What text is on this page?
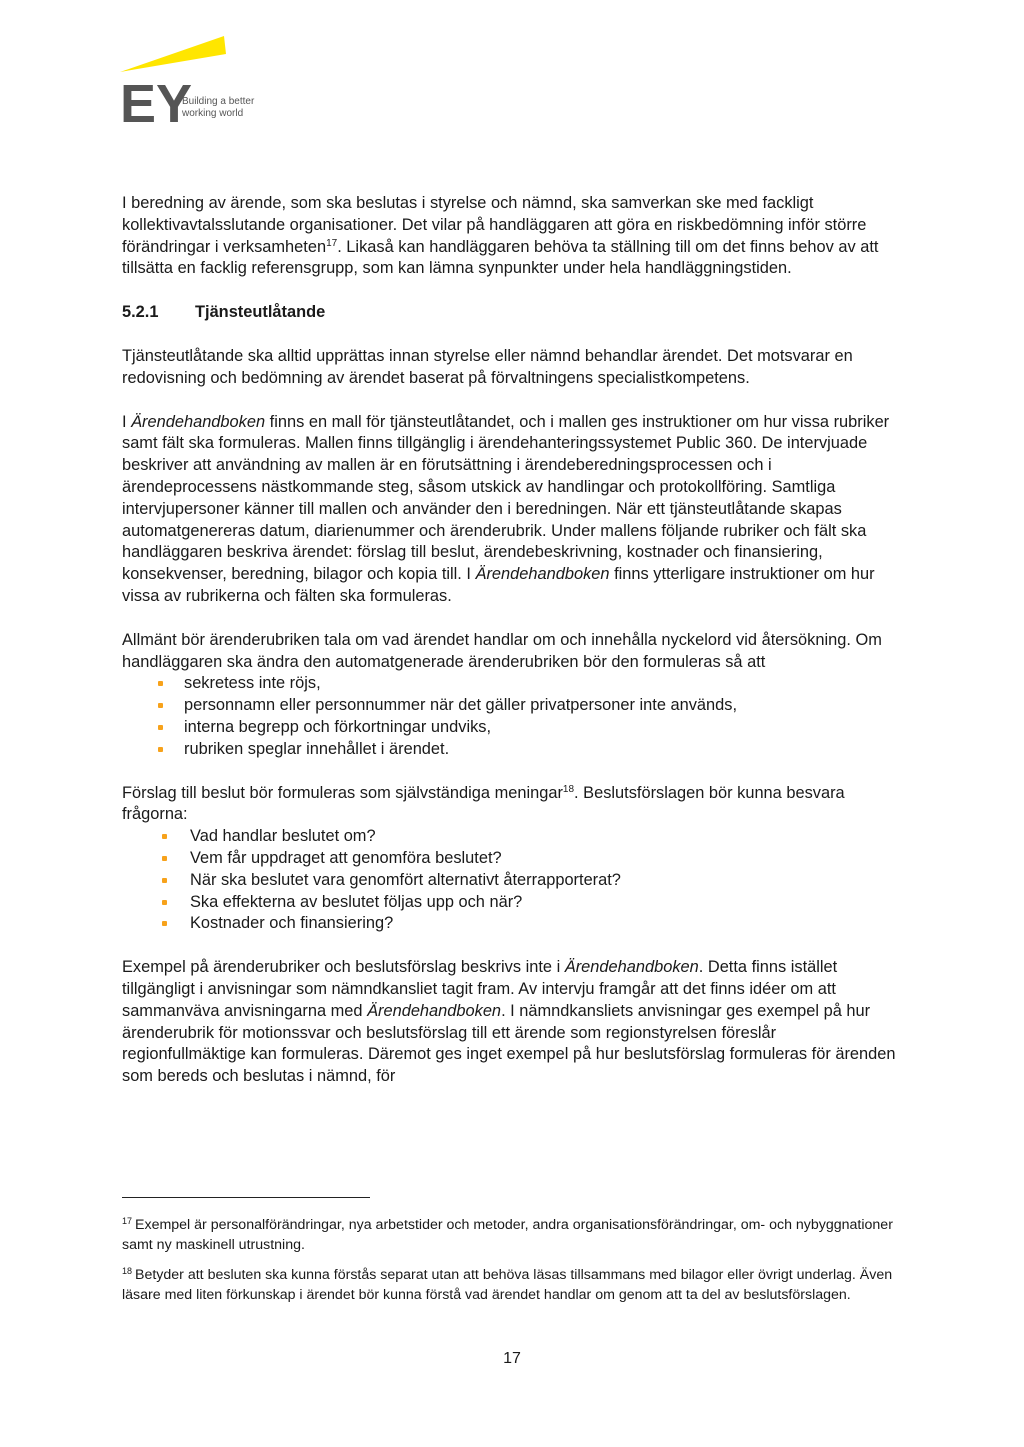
EY
Building a better
working world

I beredning av ärende, som ska beslutas i styrelse och nämnd, ska samverkan ske med fackligt kollektivavtalsslutande organisationer. Det vilar på handläggaren att göra en riskbedömning inför större förändringar i verksamheten$^{17}$. Likaså kan handläggaren behöva ta ställning till om det finns behov av att tillsätta en facklig referensgrupp, som kan lämna synpunkter under hela handläggningstiden.

5.2.1 Tjänsteutlåtande

Tjänsteutlåtande ska alltid upprättas innan styrelse eller nämnd behandlar ärendet. Det motsvarar en redovisning och bedömning av ärendet baserat på förvaltningens specialistkompetens.

I Ärendehandboken finns en mall för tjänsteutlåtandet, och i mallen ges instruktioner om hur vissa rubriker samt fält ska formuleras. Mallen finns tillgänglig i ärendehanteringssystemet Public 360. De intervjuade beskriver att användning av mallen är en förutsättning i ärendeberedningsprocessen och i ärendeprocessens nästkommande steg, såsom utskick av handlingar och protokollföring. Samtliga intervjupersoner känner till mallen och använder den i beredningen. När ett tjänsteutlåtande skapas automatgenereras datum, diarienummer och ärenderubrik. Under mallens följande rubriker och fält ska handläggaren beskriva ärendet: förslag till beslut, ärendebeskrivning, kostnader och finansiering, konsekvenser, beredning, bilagor och kopia till. I Ärendehandboken finns ytterligare instruktioner om hur vissa av rubrikerna och fälten ska formuleras.

Allmänt bör ärenderubriken tala om vad ärendet handlar om och innehålla nyckelord vid återsökning. Om handläggaren ska ändra den automatgenerade ärenderubriken bör den formuleras så att

sekretess inte röjs,
personnamn eller personnummer när det gäller privatpersoner inte används,
interna begrepp och förkortningar undviks,
rubriken speglar innehållet i ärendet.

Förslag till beslut bör formuleras som självständiga meningar$^{18}$. Beslutsförslagen bör kunna besvara frågorna:

Vad handlar beslutet om?
Vem får uppdraget att genomföra beslutet?
När ska beslutet vara genomfört alternativt återrapporterat?
Ska effekterna av beslutet följas upp och när?
Kostnader och finansiering?

Exempel på ärenderubriker och beslutsförslag beskrivs inte i Ärendehandboken. Detta finns istället tillgängligt i anvisningar som nämndkansliet tagit fram. Av intervju framgår att det finns idéer om att sammanväva anvisningarna med Ärendehandboken. I nämndkansliets anvisningar ges exempel på hur ärenderubrik för motionssvar och beslutsförslag till ett ärende som regionstyrelsen föreslår regionfullmäktige kan formuleras. Däremot ges inget exempel på hur beslutsförslag formuleras för ärenden som bereds och beslutas i nämnd, för

$^{17}$ Exempel är personalförändringar, nya arbetstider och metoder, andra organisationsförändringar, om- och nybyggnationer samt ny maskinell utrustning.

$^{18}$ Betyder att besluten ska kunna förstås separat utan att behöva läsas tillsammans med bilagor eller övrigt underlag. Även läsare med liten förkunskap i ärendet bör kunna förstå vad ärendet handlar om genom att ta del av beslutsförslagen.

17
